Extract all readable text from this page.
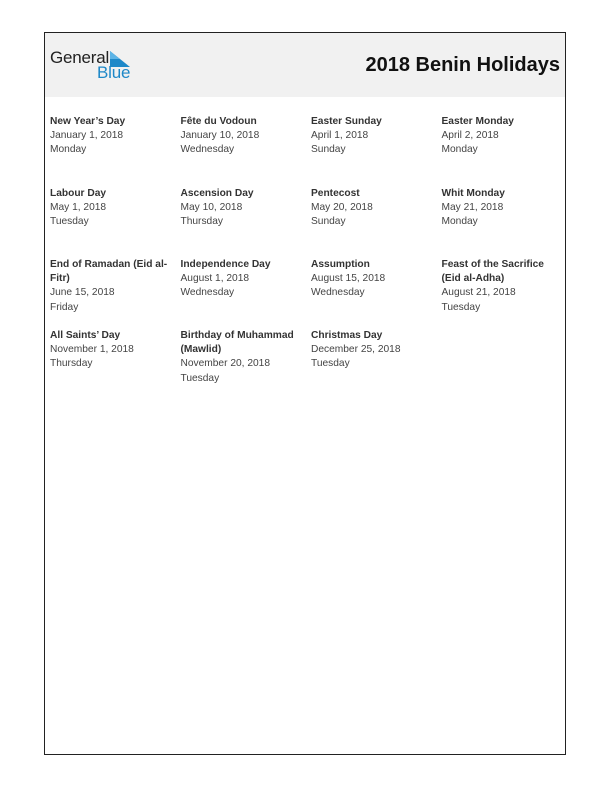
General
Blue	2018 Benin Holidays
New Year’s Day
January 1, 2018
Monday
Fête du Vodoun
January 10, 2018
Wednesday
Easter Sunday
April 1, 2018
Sunday
Easter Monday
April 2, 2018
Monday
Labour Day
May 1, 2018
Tuesday
Ascension Day
May 10, 2018
Thursday
Pentecost
May 20, 2018
Sunday
Whit Monday
May 21, 2018
Monday
End of Ramadan (Eid al-Fitr)
June 15, 2018
Friday
Independence Day
August 1, 2018
Wednesday
Assumption
August 15, 2018
Wednesday
Feast of the Sacrifice (Eid al-Adha)
August 21, 2018
Tuesday
All Saints’ Day
November 1, 2018
Thursday
Birthday of Muhammad (Mawlid)
November 20, 2018
Tuesday
Christmas Day
December 25, 2018
Tuesday
